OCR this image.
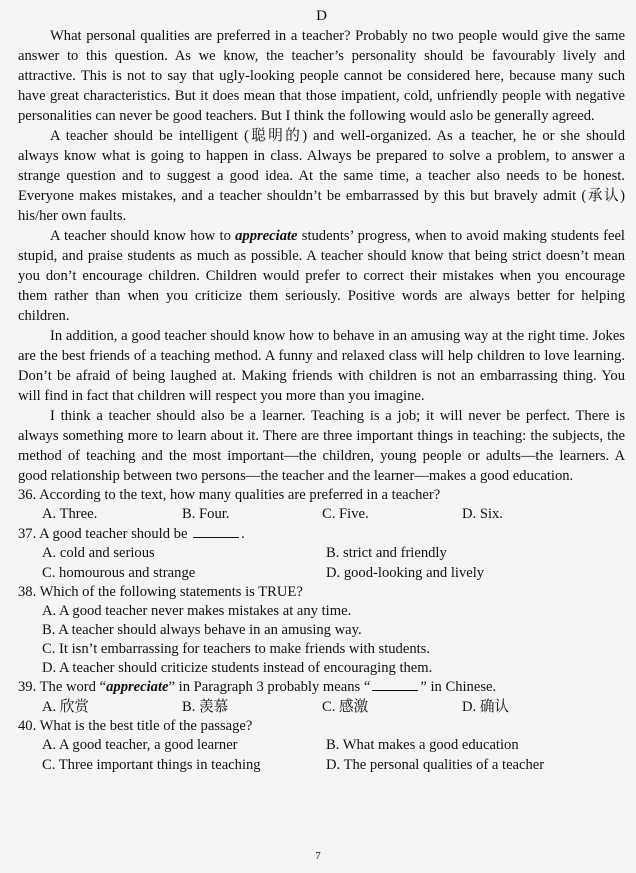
D

What personal qualities are preferred in a teacher? Probably no two people would give the same answer to this question. As we know, the teacher’s personality should be favourably lively and attractive. This is not to say that ugly-looking people cannot be considered here, because many such have great characteristics. But it does mean that those impatient, cold, unfriendly people with negative personalities can never be good teachers. But I think the following would aslo be generally agreed.

A teacher should be intelligent (聪明的) and well-organized. As a teacher, he or she should always know what is going to happen in class. Always be prepared to solve a problem, to answer a strange question and to suggest a good idea. At the same time, a teacher also needs to be honest. Everyone makes mistakes, and a teacher shouldn’t be embarrassed by this but bravely admit (承认) his/her own faults.

A teacher should know how to appreciate students’ progress, when to avoid making students feel stupid, and praise students as much as possible. A teacher should know that being strict doesn’t mean you don’t encourage children. Children would prefer to correct their mistakes when you encourage them rather than when you criticize them seriously. Positive words are always better for helping children.

In addition, a good teacher should know how to behave in an amusing way at the right time. Jokes are the best friends of a teaching method. A funny and relaxed class will help children to love learning. Don’t be afraid of being laughed at. Making friends with children is not an embarrassing thing. You will find in fact that children will respect you more than you imagine.

I think a teacher should also be a learner. Teaching is a job; it will never be perfect. There is always something more to learn about it. There are three important things in teaching: the subjects, the method of teaching and the most important—the children, young people or adults—the learners. A good relationship between two persons—the teacher and the learner—makes a good education.

36. According to the text, how many qualities are preferred in a teacher?

A. Three.	B. Four.	C. Five.	D. Six.

37. A good teacher should be	.

A. cold and serious	B. strict and friendly
C. homourous and strange	D. good-looking and lively

38. Which of the following statements is TRUE?

A. A good teacher never makes mistakes at any time.
B. A teacher should always behave in an amusing way.
C. It isn’t embarrassing for teachers to make friends with students.
D. A teacher should criticize students instead of encouraging them.

39. The word “appreciate” in Paragraph 3 probably means “	” in Chinese.

A. 欣赏	B. 羡慕	C. 感激	D. 确认

40. What is the best title of the passage?

A. A good teacher, a good learner	B. What makes a good education
C. Three important things in teaching	D. The personal qualities of a teacher
7
